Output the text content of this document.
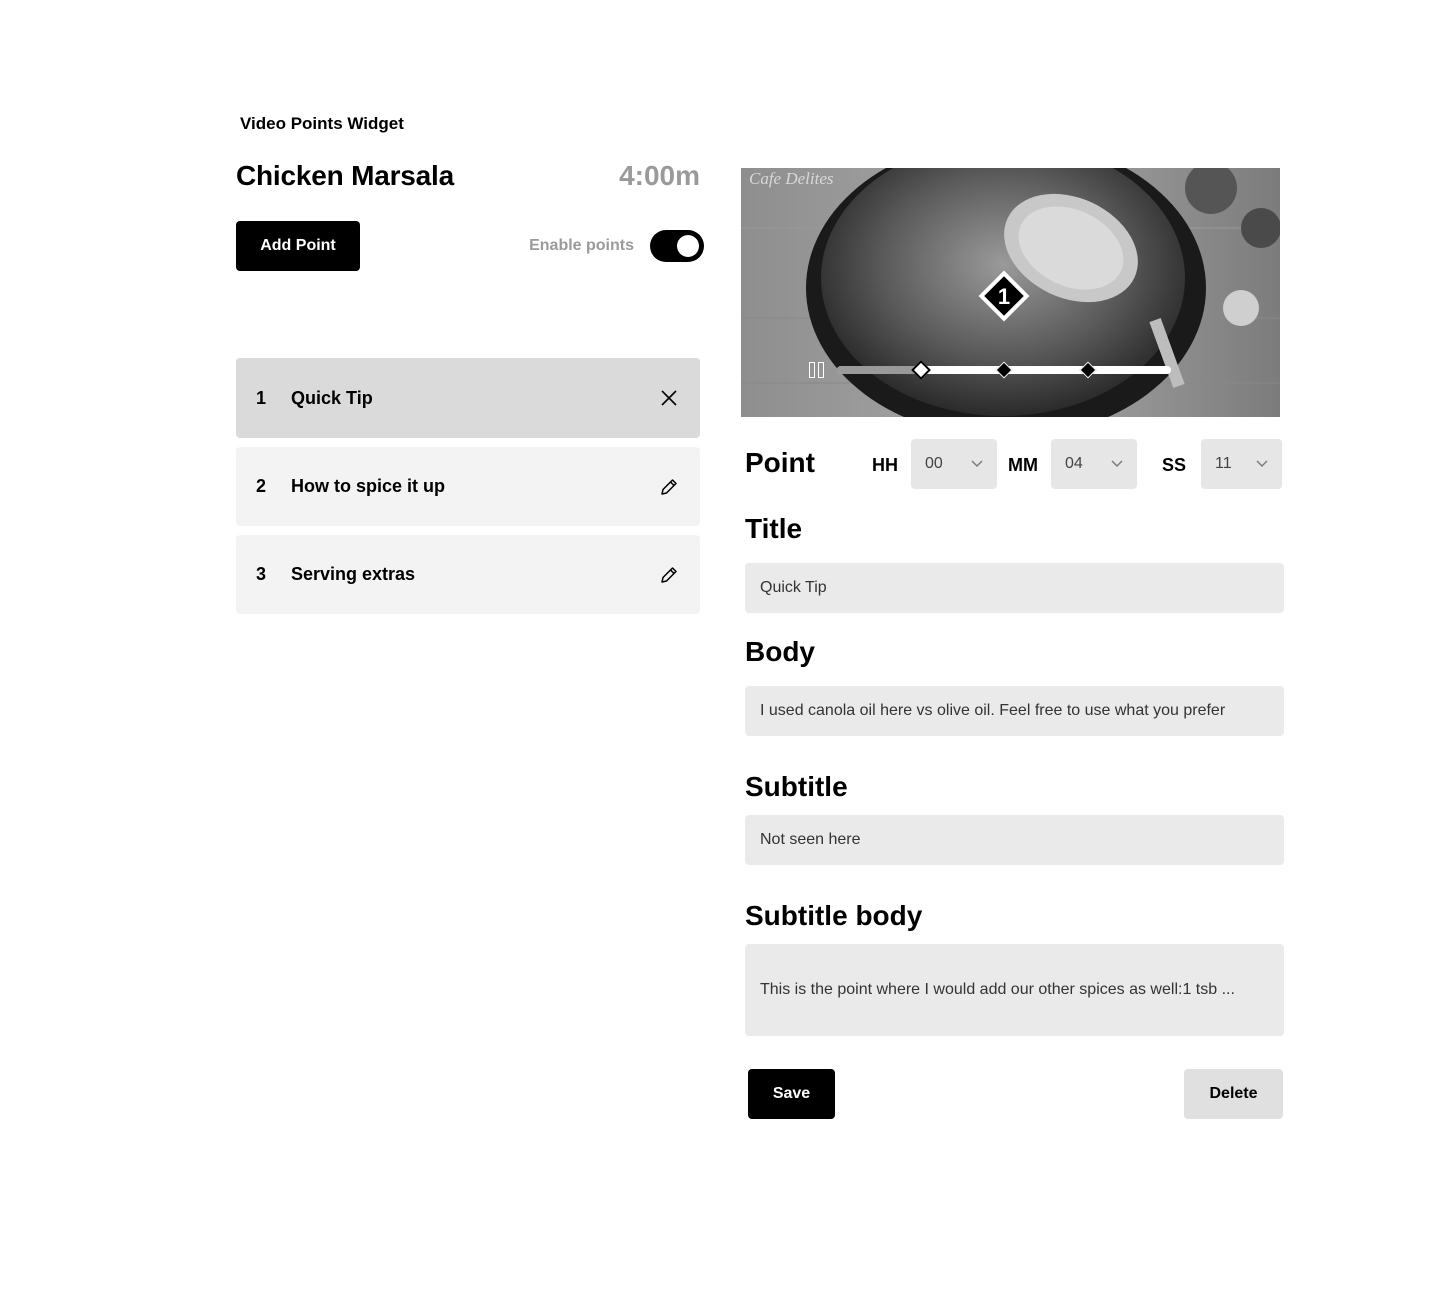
Video Points Widget
Chicken Marsala	4:00m
Add Point	Enable points
1	Quick Tip
2	How to spice it up
3	Serving extras
Cafe Delites
1
Point	HH 00	MM 04	SS 11
Title
Quick Tip
Body
I used canola oil here vs olive oil. Feel free to use what you prefer
Subtitle
Not seen here
Subtitle body
This is the point where I would add our other spices as well:1 tsb ...
Save	Delete
